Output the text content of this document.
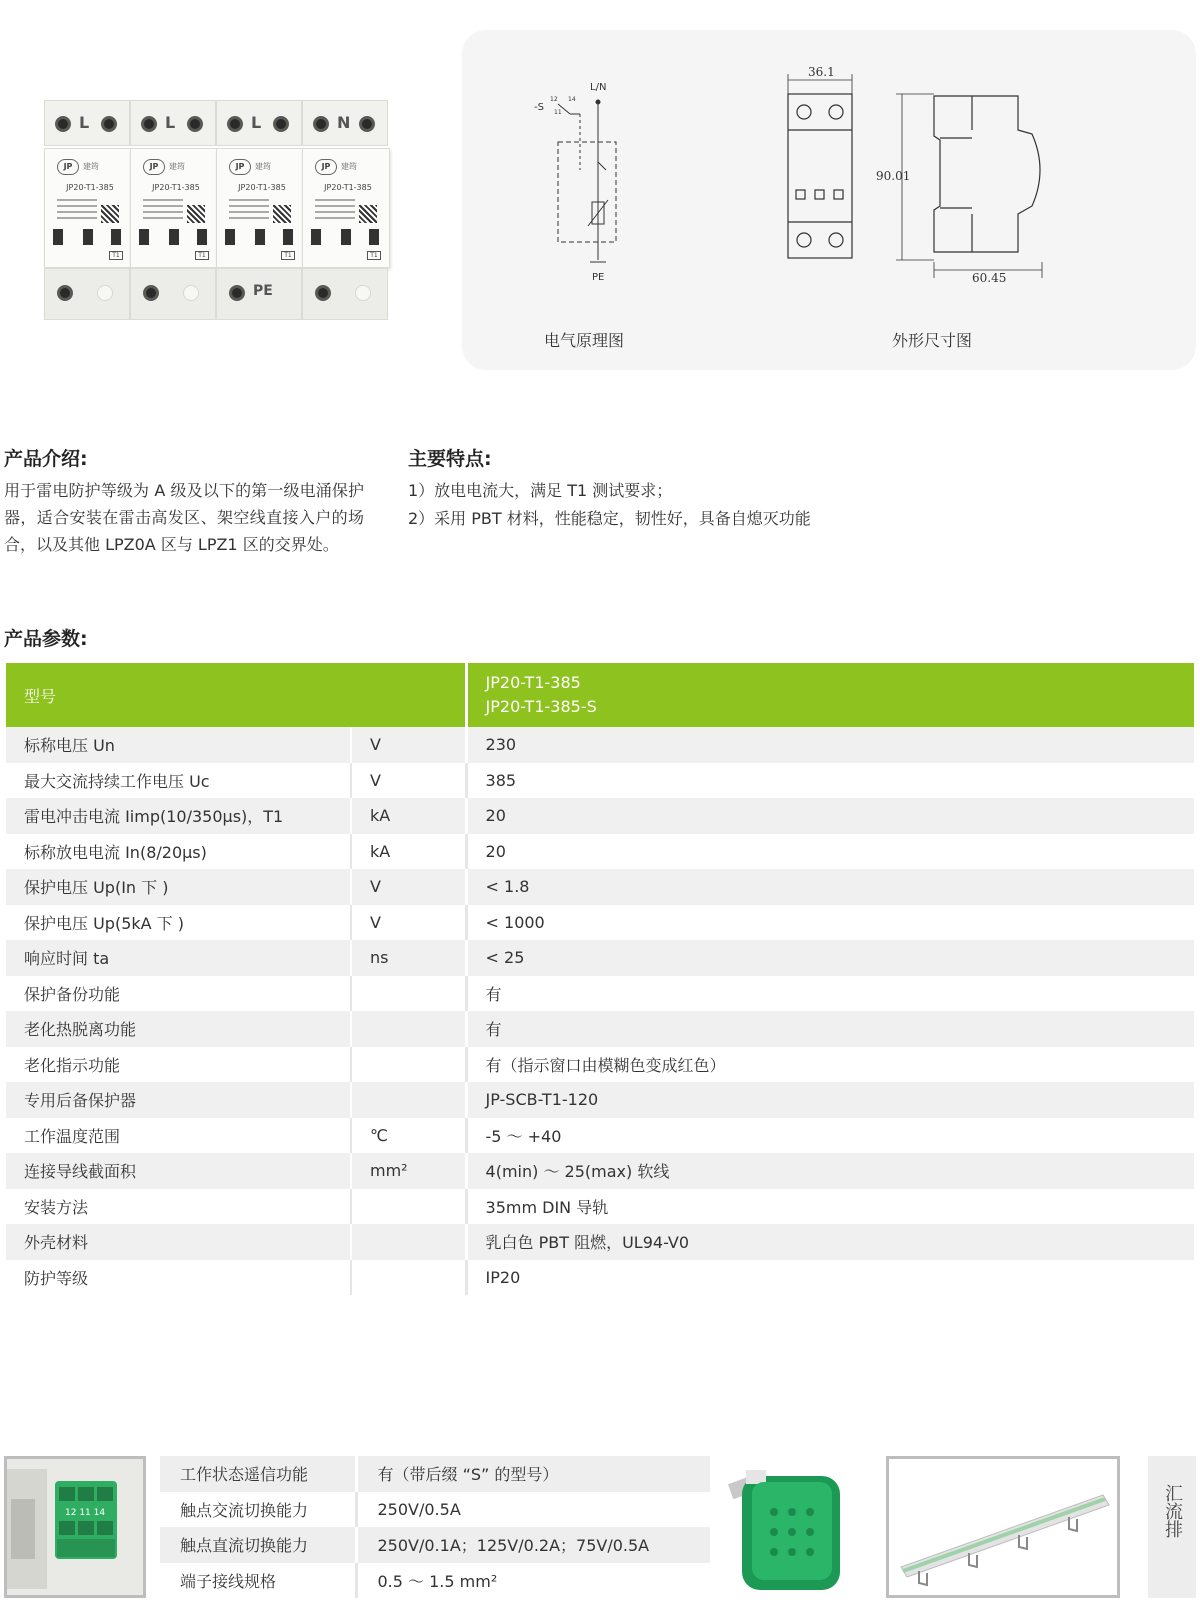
L
JP	建筠
JP20-T1-385
T1
L
JP	建筠
JP20-T1-385
T1
L
JP	建筠
JP20-T1-385
T1
PE
N
JP	建筠
JP20-T1-385
T1
L/N
-S
12 14
11
PE
36.1
90.01
60.45
电气原理图	外形尺寸图
产品介绍:
用于雷电防护等级为 A 级及以下的第一级电涌保护器，适合安装在雷击高发区、架空线直接入户的场合，以及其他 LPZ0A 区与 LPZ1 区的交界处。
主要特点:
1）放电电流大，满足 T1 测试要求；
2）采用 PBT 材料，性能稳定，韧性好，具备自熄灭功能
产品参数:
型号		JP20-T1-385
JP20-T1-385-S

标称电压 Un	V	230
最大交流持续工作电压 Uc	V	385
雷电冲击电流 Iimp(10/350μs)，T1	kA	20
标称放电电流 In(8/20μs)	kA	20
保护电压 Up(In 下 )	V	< 1.8
保护电压 Up(5kA 下 )	V	< 1000
响应时间 ta	ns	< 25
保护备份功能		有
老化热脱离功能		有
老化指示功能		有（指示窗口由模糊色变成红色）
专用后备保护器		JP-SCB-T1-120
工作温度范围	℃	-5 ～ +40
连接导线截面积	mm²	4(min) ～ 25(max) 软线
安装方法		35mm DIN 导轨
外壳材料		乳白色 PBT 阻燃，UL94-V0
防护等级		IP20
12 11 14
工作状态遥信功能	有（带后缀 “S” 的型号）
触点交流切换能力	250V/0.5A
触点直流切换能力	250V/0.1A；125V/0.2A；75V/0.5A
端子接线规格	0.5 ～ 1.5 mm²
汇流排
